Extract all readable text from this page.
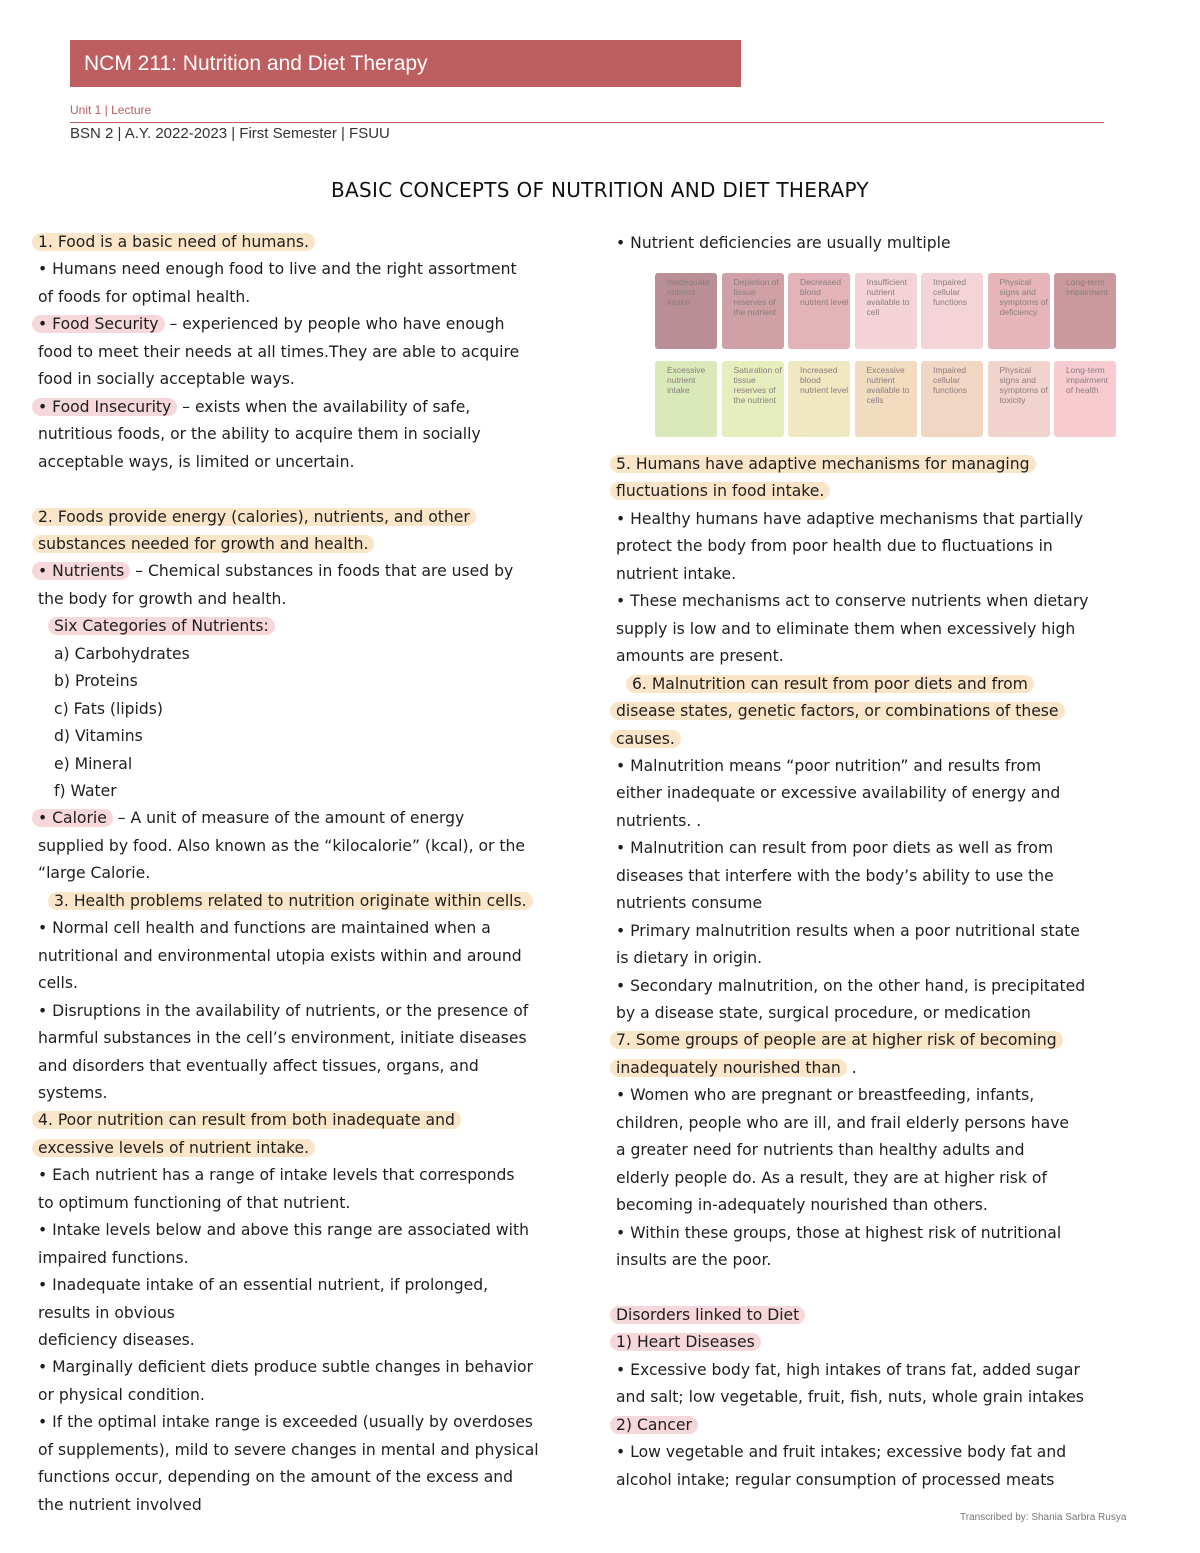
NCM 211: Nutrition and Diet Therapy
Unit 1 | Lecture
BSN 2 | A.Y. 2022-2023 | First Semester | FSUU
BASIC CONCEPTS OF NUTRITION AND DIET THERAPY
1. Food is a basic need of humans.
• Humans need enough food to live and the right assortment
of foods for optimal health.
• Food Security – experienced by people who have enough
food to meet their needs at all times.They are able to acquire
food in socially acceptable ways.
• Food Insecurity – exists when the availability of safe,
nutritious foods, or the ability to acquire them in socially
acceptable ways, is limited or uncertain.
2. Foods provide energy (calories), nutrients, and other
substances needed for growth and health.
• Nutrients – Chemical substances in foods that are used by
the body for growth and health.
Six Categories of Nutrients:
a) Carbohydrates
b) Proteins
c) Fats (lipids)
d) Vitamins
e) Mineral
f) Water
• Calorie – A unit of measure of the amount of energy
supplied by food. Also known as the “kilocalorie” (kcal), or the
“large Calorie.
3. Health problems related to nutrition originate within cells.
• Normal cell health and functions are maintained when a
nutritional and environmental utopia exists within and around
cells.
• Disruptions in the availability of nutrients, or the presence of
harmful substances in the cell’s environment, initiate diseases
and disorders that eventually affect tissues, organs, and
systems.
4. Poor nutrition can result from both inadequate and
excessive levels of nutrient intake.
• Each nutrient has a range of intake levels that corresponds
to optimum functioning of that nutrient.
• Intake levels below and above this range are associated with
impaired functions.
• Inadequate intake of an essential nutrient, if prolonged,
results in obvious
deficiency diseases.
• Marginally deficient diets produce subtle changes in behavior
or physical condition.
• If the optimal intake range is exceeded (usually by overdoses
of supplements), mild to severe changes in mental and physical
functions occur, depending on the amount of the excess and
the nutrient involved
• Nutrient deficiencies are usually multiple
Inadequate nutrient intake
Depletion of tissue reserves of the nutrient
Decreased blood nutrient level
Insufficient nutrient available to cell
Impaired cellular functions
Physical signs and symptoms of deficiency
Long-term impairment
Excessive nutrient intake
Saturation of tissue reserves of the nutrient
Increased blood nutrient level
Excessive nutrient available to cells
Impaired cellular functions
Physical signs and symptoms of toxicity
Long-term impairment of health
5. Humans have adaptive mechanisms for managing
fluctuations in food intake.
• Healthy humans have adaptive mechanisms that partially
protect the body from poor health due to fluctuations in
nutrient intake.
• These mechanisms act to conserve nutrients when dietary
supply is low and to eliminate them when excessively high
amounts are present.
6. Malnutrition can result from poor diets and from
disease states, genetic factors, or combinations of these
causes.
• Malnutrition means “poor nutrition” and results from
either inadequate or excessive availability of energy and
nutrients. .
• Malnutrition can result from poor diets as well as from
diseases that interfere with the body’s ability to use the
nutrients consume
• Primary malnutrition results when a poor nutritional state
is dietary in origin.
• Secondary malnutrition, on the other hand, is precipitated
by a disease state, surgical procedure, or medication
7. Some groups of people are at higher risk of becoming
inadequately nourished than .
• Women who are pregnant or breastfeeding, infants,
children, people who are ill, and frail elderly persons have
a greater need for nutrients than healthy adults and
elderly people do. As a result, they are at higher risk of
becoming in-adequately nourished than others.
• Within these groups, those at highest risk of nutritional
insults are the poor.
Disorders linked to Diet
1) Heart Diseases
• Excessive body fat, high intakes of trans fat, added sugar
and salt; low vegetable, fruit, fish, nuts, whole grain intakes
2) Cancer
• Low vegetable and fruit intakes; excessive body fat and
alcohol intake; regular consumption of processed meats
Transcribed by: Shania Sarbra Rusya
